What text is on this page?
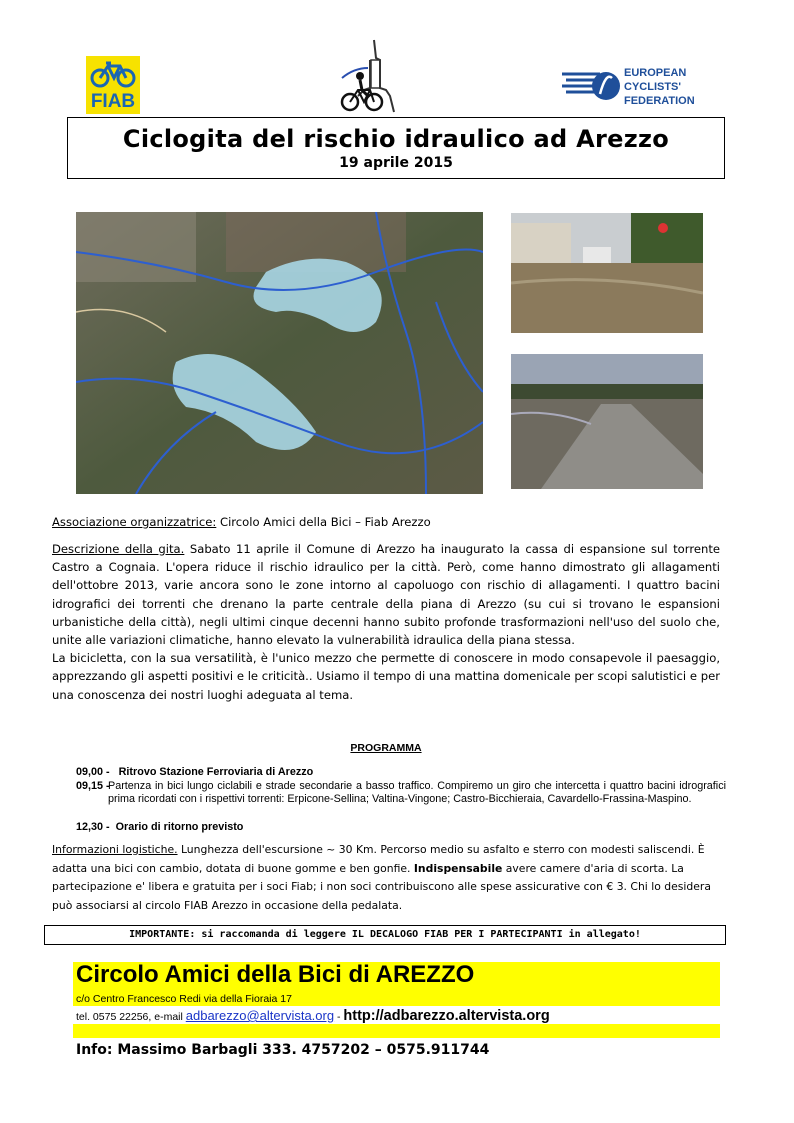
FIAB
EUROPEAN
CYCLISTS'
FEDERATION
Ciclogita del rischio idraulico ad Arezzo
19 aprile 2015
Associazione organizzatrice: Circolo Amici della Bici – Fiab Arezzo

Descrizione della gita. Sabato 11 aprile il Comune di Arezzo ha inaugurato la cassa di espansione sul torrente Castro a Cognaia. L'opera riduce il rischio idraulico per la città. Però, come hanno dimostrato gli allagamenti dell'ottobre 2013, varie ancora sono le zone intorno al capoluogo con rischio di allagamenti. I quattro bacini idrografici dei torrenti che drenano la parte centrale della piana di Arezzo (su cui si trovano le espansioni urbanistiche della città), negli ultimi cinque decenni hanno subito profonde trasformazioni nell'uso del suolo che, unite alle variazioni climatiche, hanno elevato la vulnerabilità idraulica della piana stessa.

La bicicletta, con la sua versatilità, è l'unico mezzo che permette di conoscere in modo consapevole il paesaggio, apprezzando gli aspetti positivi e le criticità.. Usiamo il tempo di una mattina domenicale per scopi salutistici e per una conoscenza dei nostri luoghi adeguata al tema.

PROGRAMMA
09,00 - Ritrovo Stazione Ferroviaria di Arezzo
09,15 -
Partenza in bici lungo ciclabili e strade secondarie a basso traffico. Compiremo un giro che intercetta i quattro bacini idrografici prima ricordati con i rispettivi torrenti: Erpicone-Sellina; Valtina-Vingone; Castro-Bicchieraia, Cavardello-Frassina-Maspino.
12,30 - Orario di ritorno previsto
Informazioni logistiche. Lunghezza dell'escursione ~ 30 Km. Percorso medio su asfalto e sterro con modesti saliscendi. È adatta una bici con cambio, dotata di buone gomme e ben gonfie. Indispensabile avere camere d'aria di scorta. La partecipazione e' libera e gratuita per i soci Fiab; i non soci contribuiscono alle spese assicurative con € 3. Chi lo desidera può associarsi al circolo FIAB Arezzo in occasione della pedalata.
IMPORTANTE: si raccomanda di leggere IL DECALOGO FIAB PER I PARTECIPANTI in allegato!
Circolo Amici della Bici di AREZZO
c/o Centro Francesco Redi via della Fioraia 17
tel. 0575 22256, e-mail adbarezzo@altervista.org - http://adbarezzo.altervista.org
Info: Massimo Barbagli 333. 4757202 – 0575.911744
